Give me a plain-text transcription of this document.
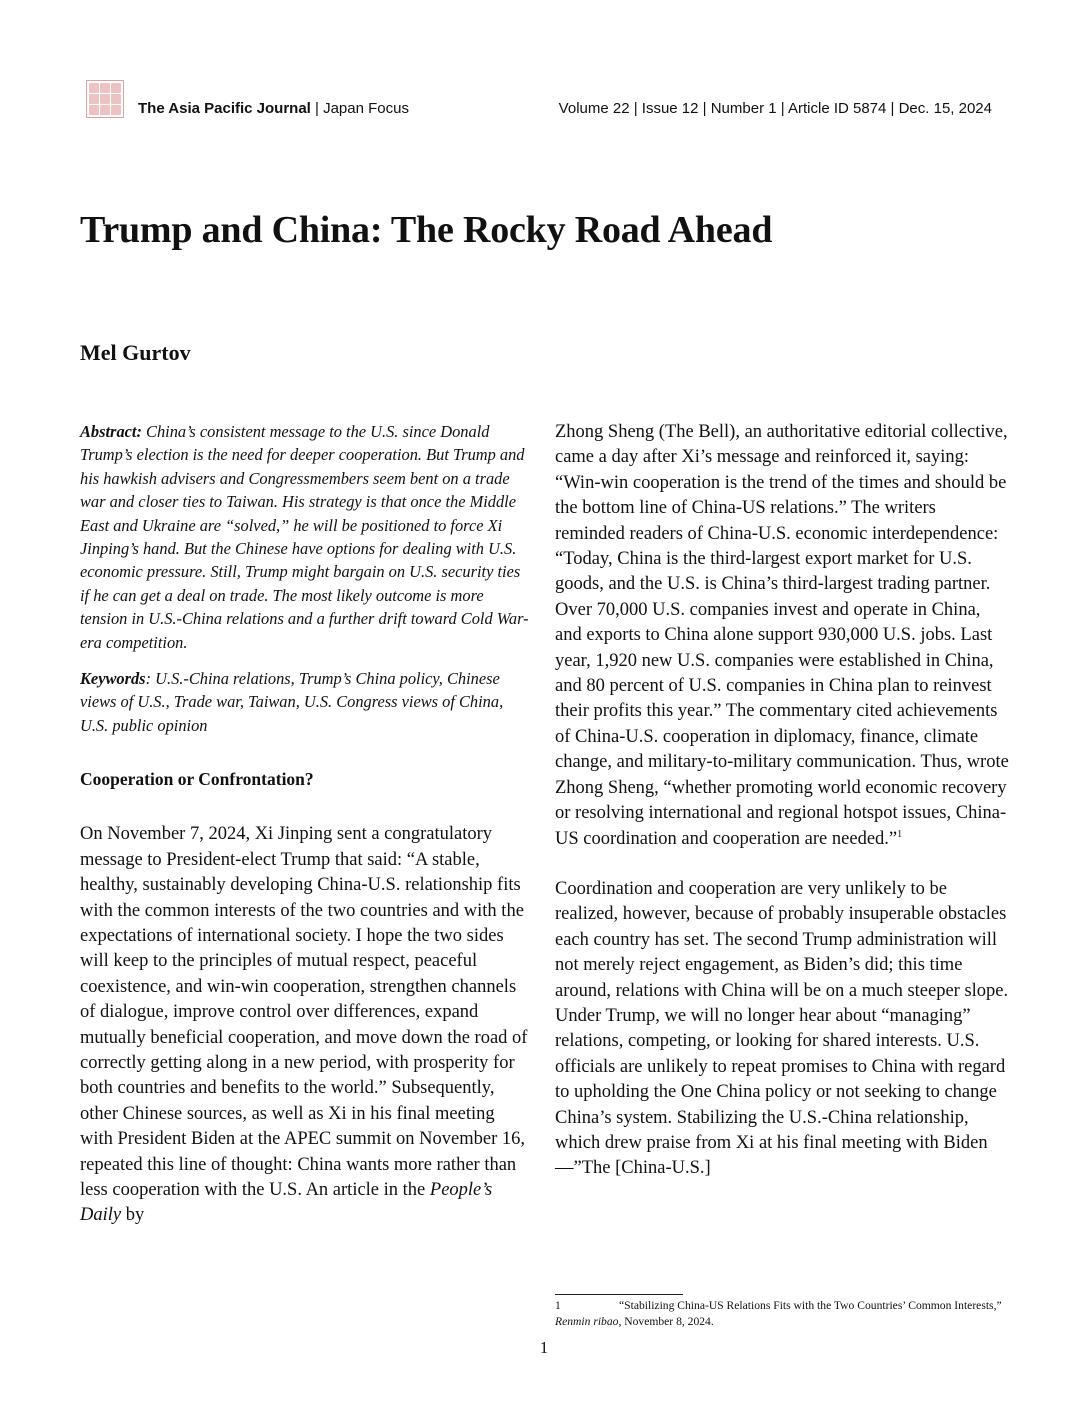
The Asia Pacific Journal | Japan Focus	Volume 22 | Issue 12 | Number 1 | Article ID 5874 | Dec. 15, 2024
Trump and China: The Rocky Road Ahead
Mel Gurtov

Abstract: China’s consistent message to the U.S. since Donald Trump’s election is the need for deeper cooperation. But Trump and his hawkish advisers and Congressmembers seem bent on a trade war and closer ties to Taiwan. His strategy is that once the Middle East and Ukraine are “solved,” he will be positioned to force Xi Jinping’s hand. But the Chinese have options for dealing with U.S. economic pressure. Still, Trump might bargain on U.S. security ties if he can get a deal on trade. The most likely outcome is more tension in U.S.-China relations and a further drift toward Cold War-era competition.

Keywords: U.S.-China relations, Trump’s China policy, Chinese views of U.S., Trade war, Taiwan, U.S. Congress views of China, U.S. public opinion

Cooperation or Confrontation?

On November 7, 2024, Xi Jinping sent a congratulatory message to President-elect Trump that said: “A stable, healthy, sustainably developing China-U.S. relationship fits with the common interests of the two countries and with the expectations of international society. I hope the two sides will keep to the principles of mutual respect, peaceful coexistence, and win-win cooperation, strengthen channels of dialogue, improve control over differences, expand mutually beneficial cooperation, and move down the road of correctly getting along in a new period, with prosperity for both countries and benefits to the world.” Subsequently, other Chinese sources, as well as Xi in his final meeting with President Biden at the APEC summit on November 16, repeated this line of thought: China wants more rather than less cooperation with the U.S. An article in the People’s Daily by

Zhong Sheng (The Bell), an authoritative editorial collective, came a day after Xi’s message and reinforced it, saying: “Win-win cooperation is the trend of the times and should be the bottom line of China-US relations.” The writers reminded readers of China-U.S. economic interdependence: “Today, China is the third-largest export market for U.S. goods, and the U.S. is China’s third-largest trading partner. Over 70,000 U.S. companies invest and operate in China, and exports to China alone support 930,000 U.S. jobs. Last year, 1,920 new U.S. companies were established in China, and 80 percent of U.S. companies in China plan to reinvest their profits this year.” The commentary cited achievements of China-U.S. cooperation in diplomacy, finance, climate change, and military-to-military communication. Thus, wrote Zhong Sheng, “whether promoting world economic recovery or resolving international and regional hotspot issues, China-US coordination and cooperation are needed.”$^1$

Coordination and cooperation are very unlikely to be realized, however, because of probably insuperable obstacles each country has set. The second Trump administration will not merely reject engagement, as Biden’s did; this time around, relations with China will be on a much steeper slope. Under Trump, we will no longer hear about “managing” relations, competing, or looking for shared interests. U.S. officials are unlikely to repeat promises to China with regard to upholding the One China policy or not seeking to change China’s system. Stabilizing the U.S.-China relationship, which drew praise from Xi at his final meeting with Biden—”The [China-U.S.]

1	“Stabilizing China-US Relations Fits with the Two Countries’ Common Interests,” Renmin ribao, November 8, 2024.
1
